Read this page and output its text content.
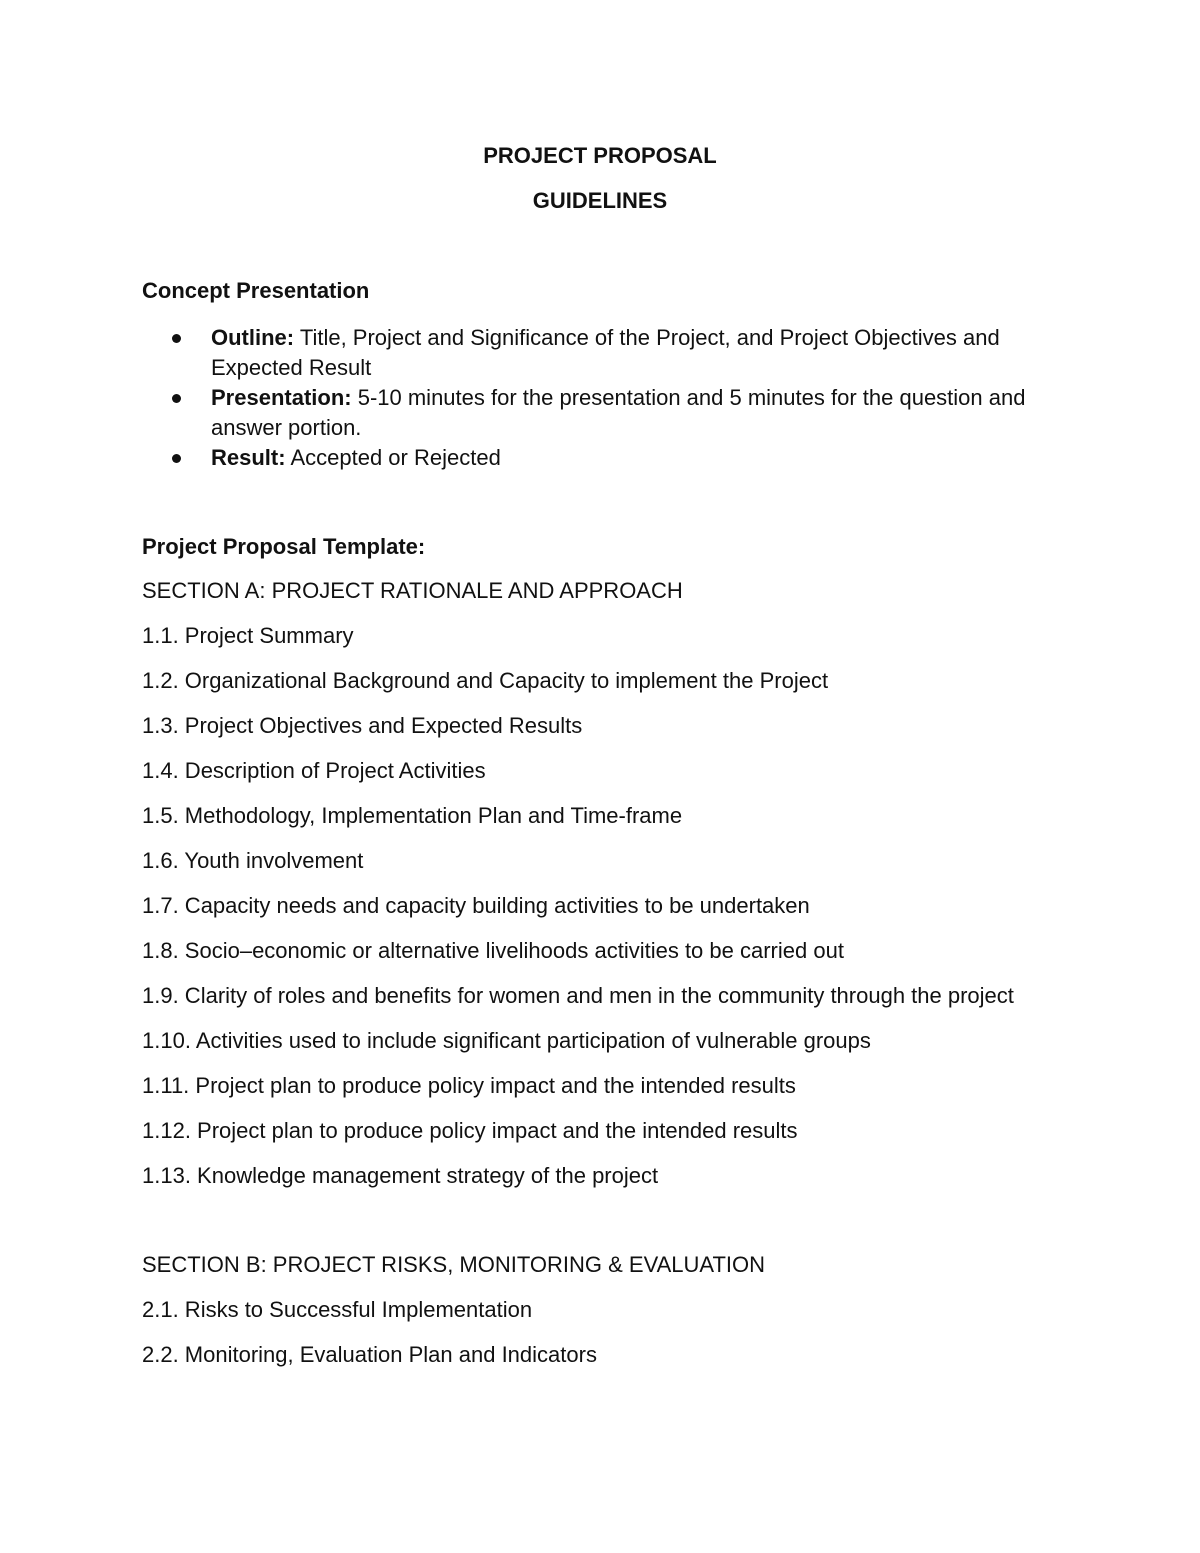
PROJECT PROPOSAL
GUIDELINES
Concept Presentation
Outline: Title, Project and Significance of the Project, and Project Objectives and Expected Result
Presentation: 5-10 minutes for the presentation and 5 minutes for the question and answer portion.
Result: Accepted or Rejected
Project Proposal Template:
SECTION A: PROJECT RATIONALE AND APPROACH
1.1. Project Summary
1.2. Organizational Background and Capacity to implement the Project
1.3. Project Objectives and Expected Results
1.4. Description of Project Activities
1.5. Methodology, Implementation Plan and Time-frame
1.6. Youth involvement
1.7. Capacity needs and capacity building activities to be undertaken
1.8. Socio–economic or alternative livelihoods activities to be carried out
1.9. Clarity of roles and benefits for women and men in the community through the project
1.10. Activities used to include significant participation of vulnerable groups
1.11. Project plan to produce policy impact and the intended results
1.12. Project plan to produce policy impact and the intended results
1.13. Knowledge management strategy of the project
SECTION B: PROJECT RISKS, MONITORING & EVALUATION
2.1. Risks to Successful Implementation
2.2. Monitoring, Evaluation Plan and Indicators
